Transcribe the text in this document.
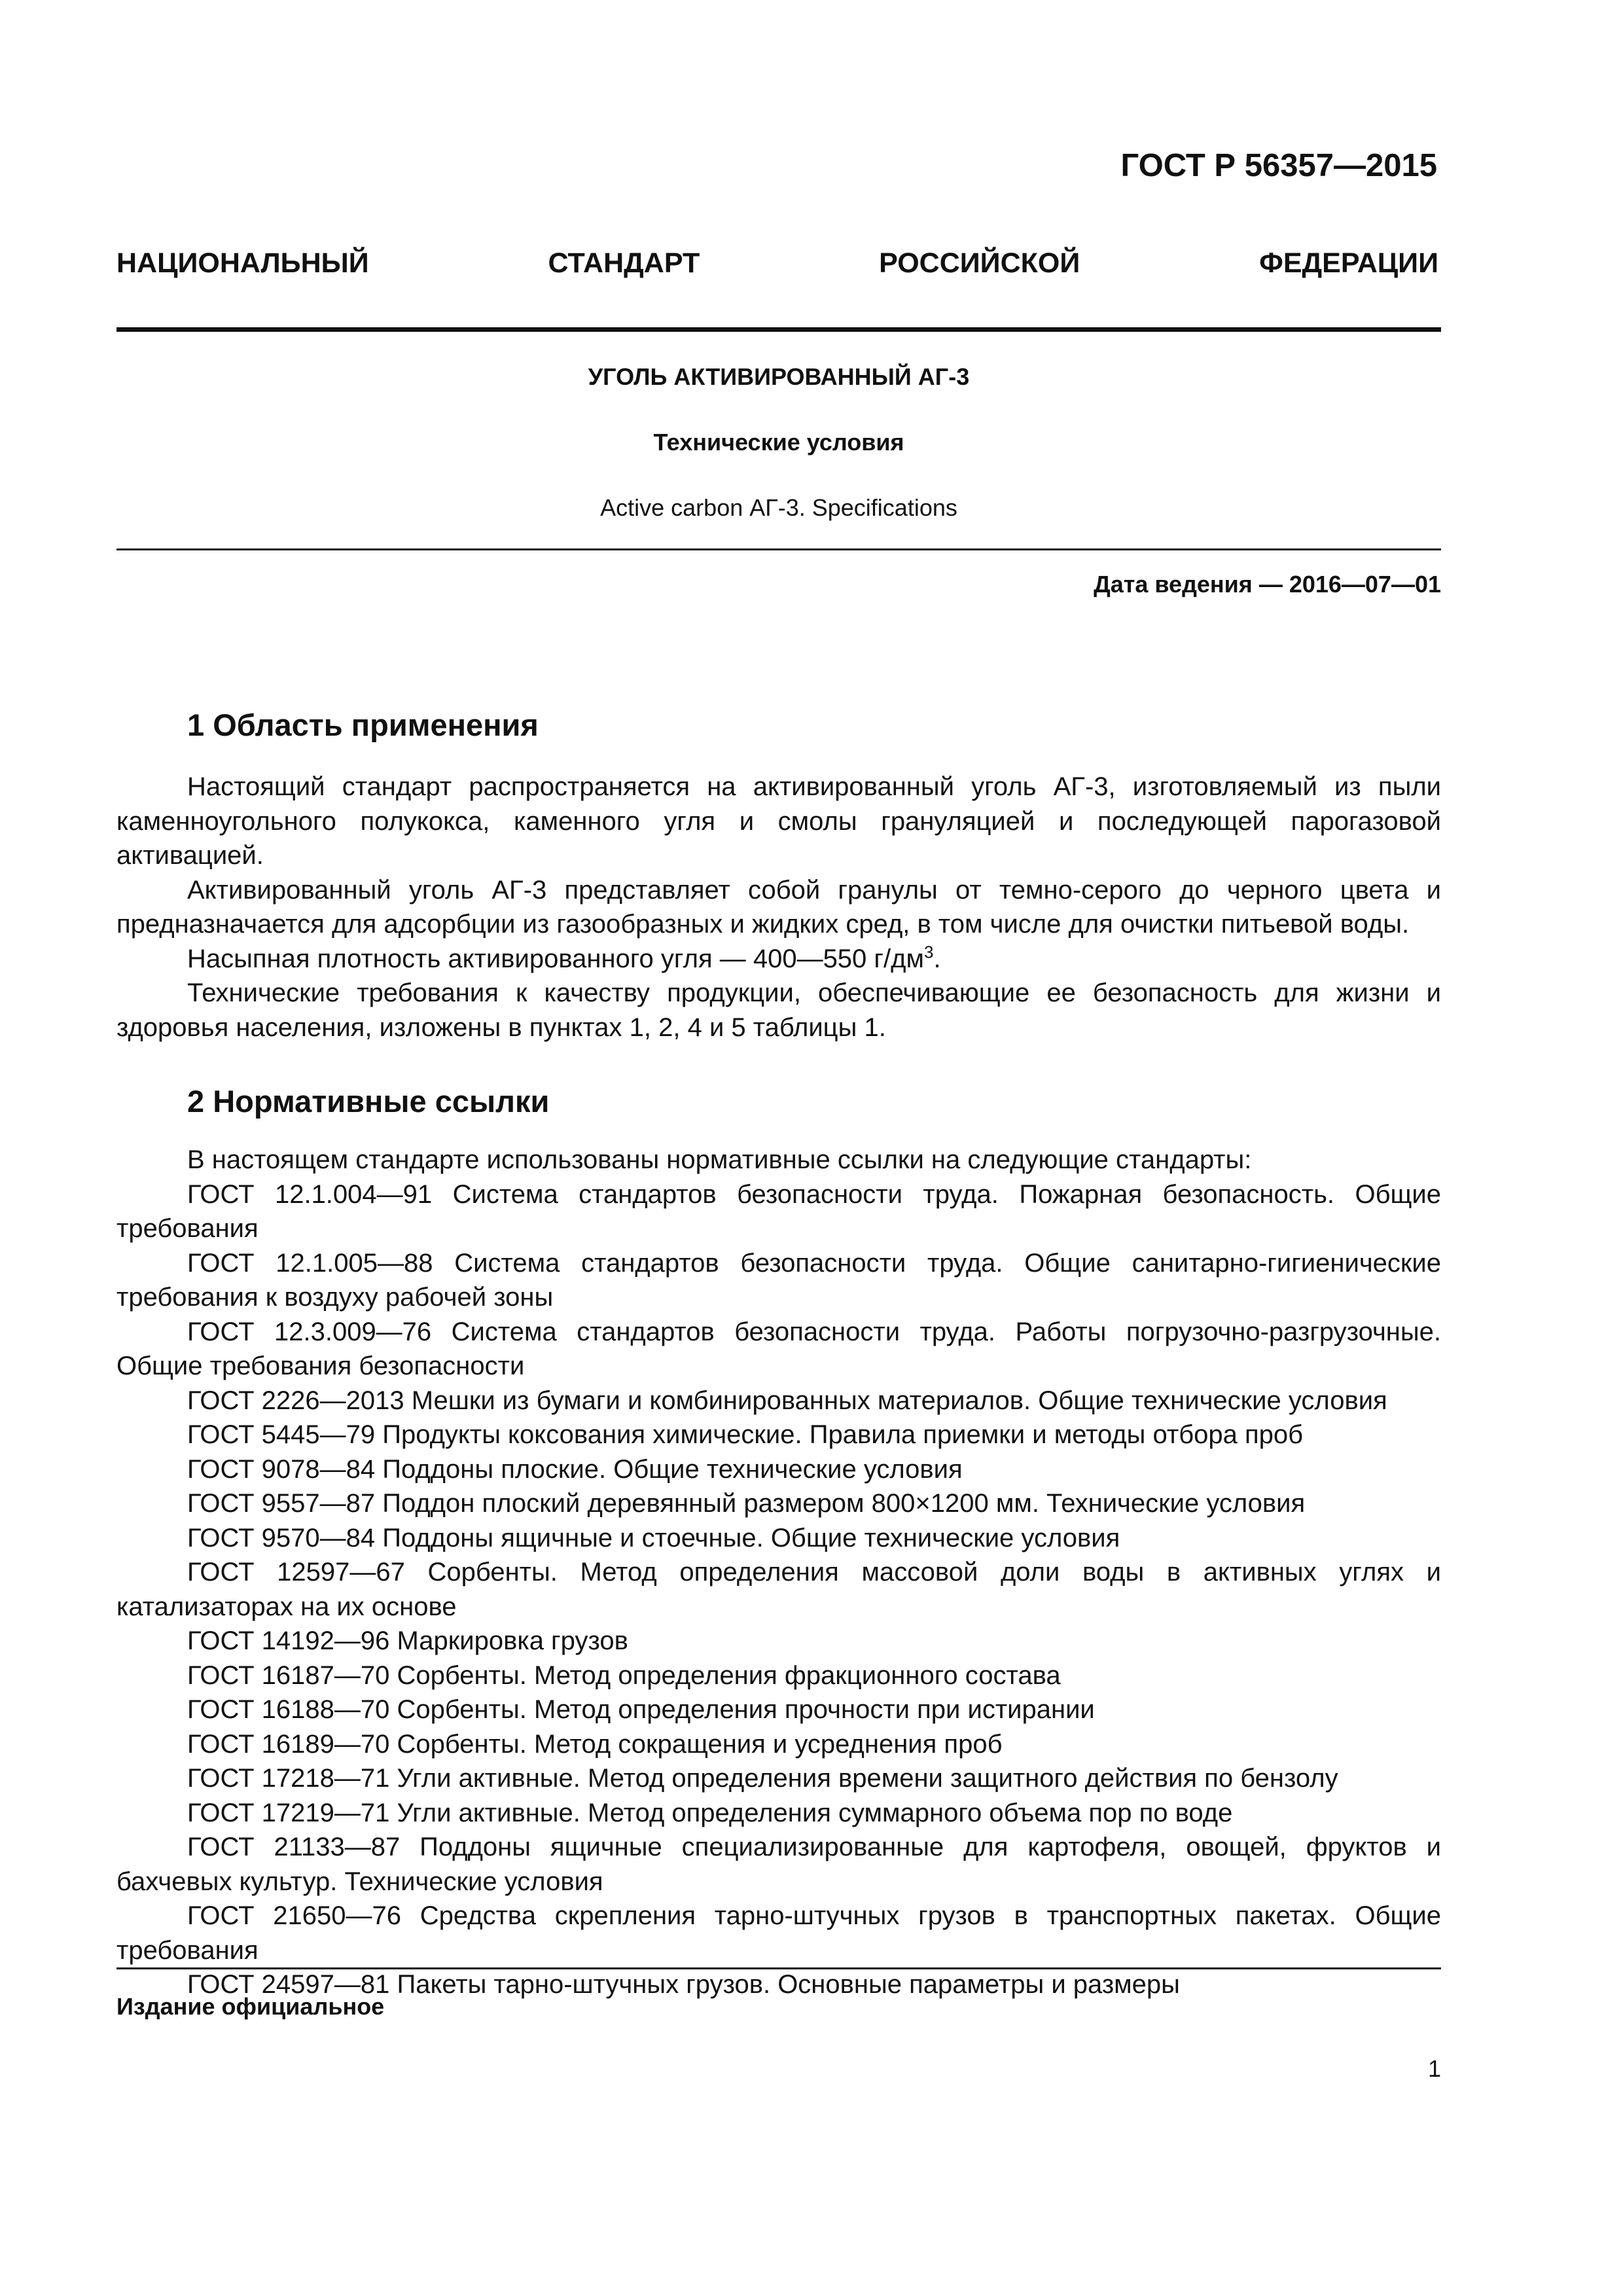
ГОСТ Р 56357—2015
НАЦИОНАЛЬНЫЙ	СТАНДАРТ	РОССИЙСКОЙ	ФЕДЕРАЦИИ
УГОЛЬ АКТИВИРОВАННЫЙ АГ-3
Технические условия
Active carbon АГ-3. Specifications
Дата ведения — 2016—07—01
1 Область применения

Настоящий стандарт распространяется на активированный уголь АГ-3, изготовляемый из пыли каменноугольного полукокса, каменного угля и смолы грануляцией и последующей парогазовой активацией.

Активированный уголь АГ-3 представляет собой гранулы от темно-серого до черного цвета и предназначается для адсорбции из газообразных и жидких сред, в том числе для очистки питьевой воды.

Насыпная плотность активированного угля — 400—550 $г/дм^3$.

Технические требования к качеству продукции, обеспечивающие ее безопасность для жизни и здоровья населения, изложены в пунктах 1, 2, 4 и 5 таблицы 1.

2 Нормативные ссылки

В настоящем стандарте использованы нормативные ссылки на следующие стандарты:

ГОСТ 12.1.004—91 Система стандартов безопасности труда. Пожарная безопасность. Общие требования

ГОСТ 12.1.005—88 Система стандартов безопасности труда. Общие санитарно-гигиенические требования к воздуху рабочей зоны

ГОСТ 12.3.009—76 Система стандартов безопасности труда. Работы погрузочно-разгрузочные. Общие требования безопасности

ГОСТ 2226—2013 Мешки из бумаги и комбинированных материалов. Общие технические условия

ГОСТ 5445—79 Продукты коксования химические. Правила приемки и методы отбора проб

ГОСТ 9078—84 Поддоны плоские. Общие технические условия

ГОСТ 9557—87 Поддон плоский деревянный размером 800×1200 мм. Технические условия

ГОСТ 9570—84 Поддоны ящичные и стоечные. Общие технические условия

ГОСТ 12597—67 Сорбенты. Метод определения массовой доли воды в активных углях и катализаторах на их основе

ГОСТ 14192—96 Маркировка грузов

ГОСТ 16187—70 Сорбенты. Метод определения фракционного состава

ГОСТ 16188—70 Сорбенты. Метод определения прочности при истирании

ГОСТ 16189—70 Сорбенты. Метод сокращения и усреднения проб

ГОСТ 17218—71 Угли активные. Метод определения времени защитного действия по бензолу

ГОСТ 17219—71 Угли активные. Метод определения суммарного объема пор по воде

ГОСТ 21133—87 Поддоны ящичные специализированные для картофеля, овощей, фруктов и бахчевых культур. Технические условия

ГОСТ 21650—76 Средства скрепления тарно-штучных грузов в транспортных пакетах. Общие требования

ГОСТ 24597—81 Пакеты тарно-штучных грузов. Основные параметры и размеры

Издание официальное
1
